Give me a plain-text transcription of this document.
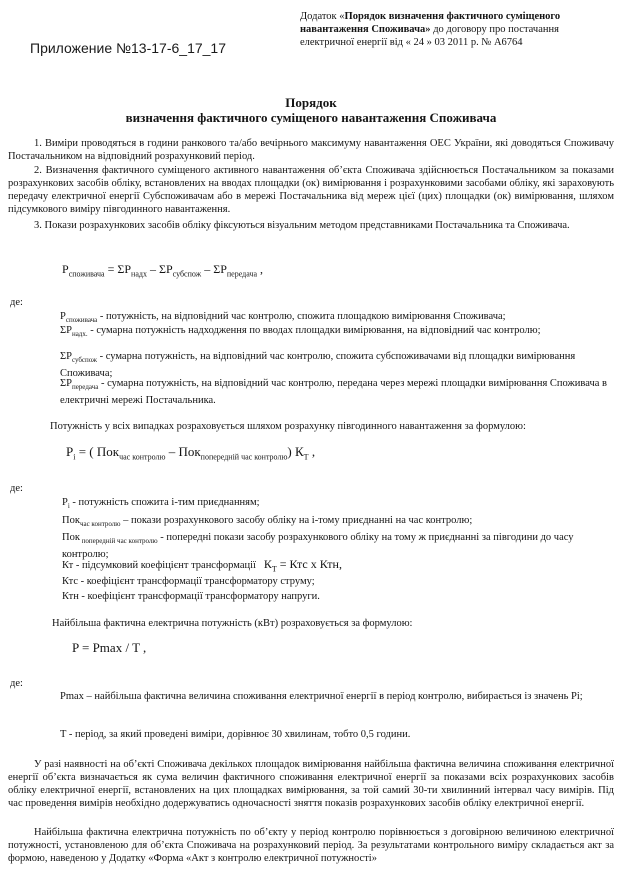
Додаток «Порядок визначення фактичного суміщеного навантаження Споживача» до договору про постачання електричної енергії від « 24 » 03 2011 р. № А6764
Приложение №13-17-6_17_17
Порядок
визначення фактичного суміщеного навантаження Споживача
1. Виміри проводяться в години ранкового та/або вечірнього максимуму навантаження ОЕС України, які доводяться Споживачу Постачальником на відповідний розрахунковий період.
2. Визначення фактичного суміщеного активного навантаження об’єкта Споживача здійснюється Постачальником за показами розрахункових засобів обліку, встановлених на вводах площадки (ок) вимірювання і розрахунковими засобами обліку, які зараховують передачу електричної енергії Субспоживачам або в мережі Постачальника від мереж цієї (цих) площадки (ок) вимірювання, шляхом підсумкового виміру півгодинного навантаження.
3. Покази розрахункових засобів обліку фіксуються візуальним методом представниками Постачальника та Споживача.
$P_{споживача} = \Sigma P_{надх} - \Sigma P_{субспож} - \Sigma P_{передача}$ ,
де:
$P_{споживача}$ - потужність, на відповідний час контролю, спожита площадкою вимірювання Споживача;
$\Sigma P_{надх.}$ - сумарна потужність надходження по вводах площадки вимірювання, на відповідний час контролю;
$\Sigma P_{субспож}$ - сумарна потужність, на відповідний час контролю, спожита субспоживачами від площадки вимірювання Споживача;
$\Sigma P_{передача}$ - сумарна потужність, на відповідний час контролю, передана через мережі площадки вимірювання Споживача в електричні мережі Постачальника.
Потужність у всіх випадках розраховується шляхом розрахунку півгодинного навантаження за формулою:
$P_i$ = ( Пок$_{час контролю}$ – Пок$_{попередній час контролю}$) $К_Т$ ,
де:
$P_i$ - потужність спожита і-тим приєднанням;
Пок$_{час контролю}$ – покази розрахункового засобу обліку на і-тому приєднанні на час контролю;
Пок $_{попередній час контролю}$ - попередні покази засобу розрахункового обліку на тому ж приєднанні за півгодини до часу контролю;
Кт - підсумковий коефіцієнт трансформації $К_Т$ = Ктс х Ктн,
Ктс - коефіцієнт трансформації трансформатору струму;
Ктн - коефіцієнт трансформації трансформатору напруги.
Найбільша фактична електрична потужність (кВт) розраховується за формулою:
P = Pmax / T ,
де:
Pmax – найбільша фактична величина споживання електричної енергії в період контролю, вибирається із значень Pі;
T - період, за який проведені виміри, дорівнює 30 хвилинам, тобто 0,5 години.
У разі наявності на об’єкті Споживача декількох площадок вимірювання найбільша фактична величина споживання електричної енергії об’єкта визначається як сума величин фактичного споживання електричної енергії за показами всіх розрахункових засобів обліку електричної енергії, встановлених на цих площадках вимірювання, за той самий 30-ти хвилинний інтервал часу вимірів. Під час проведення вимірів необхідно додержуватись одночасності зняття показів розрахункових засобів обліку електричної енергії.
Найбільша фактична електрична потужність по об’єкту у період контролю порівнюється з договірною величиною електричної потужності, установленою для об’єкта Споживача на розрахунковий період. За результатами контрольного виміру складається акт за формою, наведеною у Додатку «Форма «Акт з контролю електричної потужності»
